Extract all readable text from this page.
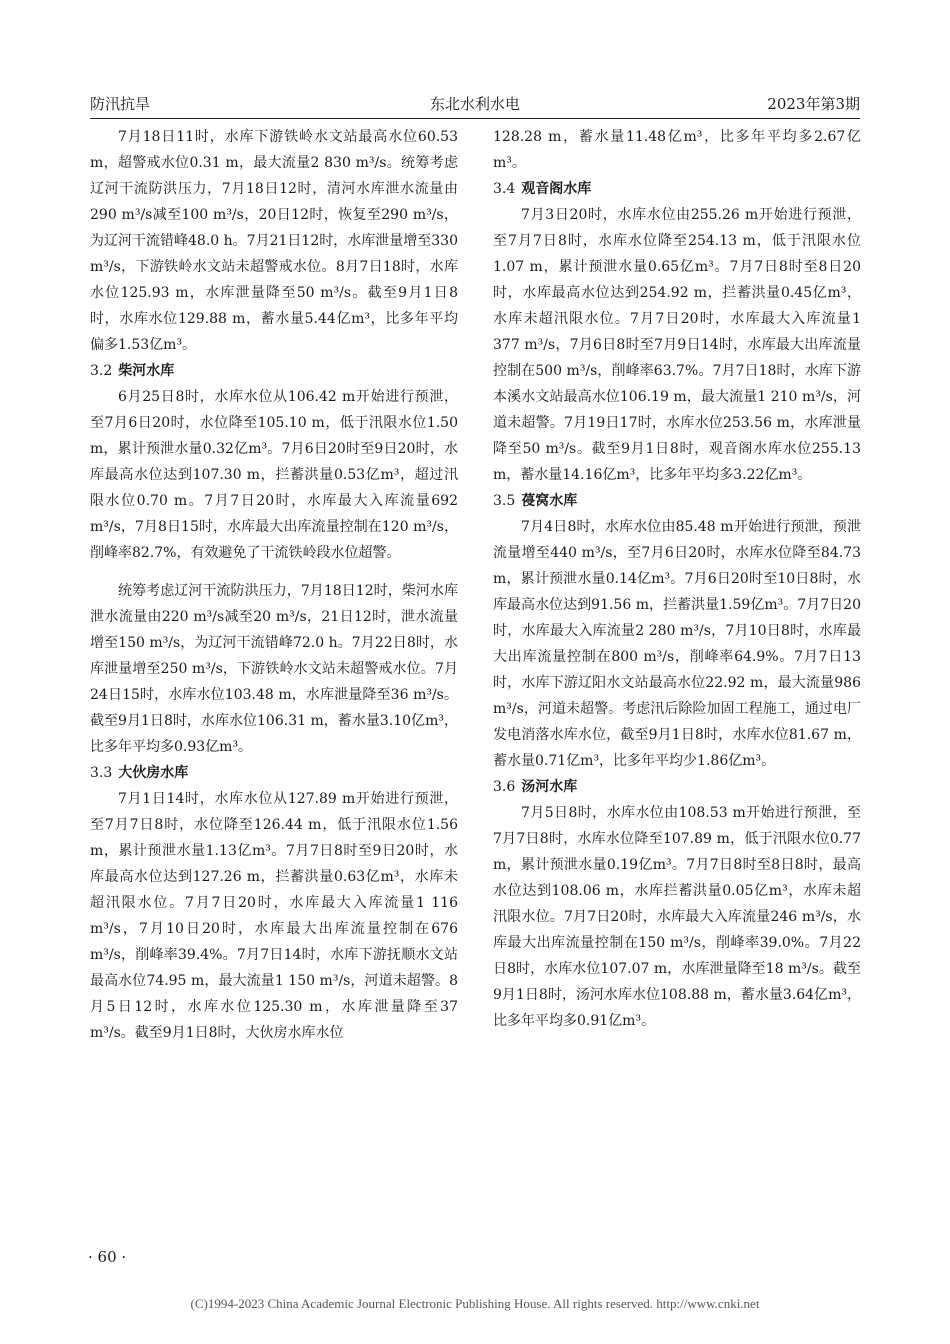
防汛抗旱	东北水利水电	2023年第3期

7月18日11时，水库下游铁岭水文站最高水位60.53 m，超警戒水位0.31 m，最大流量2 830 m³/s。统筹考虑辽河干流防洪压力，7月18日12时，清河水库泄水流量由290 m³/s减至100 m³/s，20日12时，恢复至290 m³/s，为辽河干流错峰48.0 h。7月21日12时，水库泄量增至330 m³/s，下游铁岭水文站未超警戒水位。8月7日18时，水库水位125.93 m，水库泄量降至50 m³/s。截至9月1日8时，水库水位129.88 m，蓄水量5.44亿m³，比多年平均偏多1.53亿m³。

3.2 柴河水库

6月25日8时，水库水位从106.42 m开始进行预泄，至7月6日20时，水位降至105.10 m，低于汛限水位1.50 m，累计预泄水量0.32亿m³。7月6日20时至9日20时，水库最高水位达到107.30 m，拦蓄洪量0.53亿m³，超过汛限水位0.70 m。7月7日20时，水库最大入库流量692 m³/s，7月8日15时，水库最大出库流量控制在120 m³/s，削峰率82.7%，有效避免了干流铁岭段水位超警。

统筹考虑辽河干流防洪压力，7月18日12时，柴河水库泄水流量由220 m³/s减至20 m³/s，21日12时，泄水流量增至150 m³/s，为辽河干流错峰72.0 h。7月22日8时，水库泄量增至250 m³/s，下游铁岭水文站未超警戒水位。7月24日15时，水库水位103.48 m，水库泄量降至36 m³/s。截至9月1日8时，水库水位106.31 m，蓄水量3.10亿m³，比多年平均多0.93亿m³。

3.3 大伙房水库

7月1日14时，水库水位从127.89 m开始进行预泄，至7月7日8时，水位降至126.44 m，低于汛限水位1.56 m，累计预泄水量1.13亿m³。7月7日8时至9日20时，水库最高水位达到127.26 m，拦蓄洪量0.63亿m³，水库未超汛限水位。7月7日20时，水库最大入库流量1 116 m³/s，7月10日20时，水库最大出库流量控制在676 m³/s，削峰率39.4%。7月7日14时，水库下游抚顺水文站最高水位74.95 m，最大流量1 150 m³/s，河道未超警。8月5日12时，水库水位125.30 m，水库泄量降至37 m³/s。截至9月1日8时，大伙房水库水位

128.28 m，蓄水量11.48亿m³，比多年平均多2.67亿m³。

3.4 观音阁水库

7月3日20时，水库水位由255.26 m开始进行预泄，至7月7日8时，水库水位降至254.13 m，低于汛限水位1.07 m，累计预泄水量0.65亿m³。7月7日8时至8日20时，水库最高水位达到254.92 m，拦蓄洪量0.45亿m³，水库未超汛限水位。7月7日20时，水库最大入库流量1 377 m³/s，7月6日8时至7月9日14时，水库最大出库流量控制在500 m³/s，削峰率63.7%。7月7日18时，水库下游本溪水文站最高水位106.19 m，最大流量1 210 m³/s，河道未超警。7月19日17时，水库水位253.56 m，水库泄量降至50 m³/s。截至9月1日8时，观音阁水库水位255.13 m，蓄水量14.16亿m³，比多年平均多3.22亿m³。

3.5 葠窝水库

7月4日8时，水库水位由85.48 m开始进行预泄，预泄流量增至440 m³/s，至7月6日20时，水库水位降至84.73 m，累计预泄水量0.14亿m³。7月6日20时至10日8时，水库最高水位达到91.56 m，拦蓄洪量1.59亿m³。7月7日20时，水库最大入库流量2 280 m³/s，7月10日8时，水库最大出库流量控制在800 m³/s，削峰率64.9%。7月7日13时，水库下游辽阳水文站最高水位22.92 m，最大流量986 m³/s，河道未超警。考虑汛后除险加固工程施工，通过电厂发电消落水库水位，截至9月1日8时，水库水位81.67 m，蓄水量0.71亿m³，比多年平均少1.86亿m³。

3.6 汤河水库

7月5日8时，水库水位由108.53 m开始进行预泄，至7月7日8时，水库水位降至107.89 m，低于汛限水位0.77 m，累计预泄水量0.19亿m³。7月7日8时至8日8时，最高水位达到108.06 m，水库拦蓄洪量0.05亿m³，水库未超汛限水位。7月7日20时，水库最大入库流量246 m³/s，水库最大出库流量控制在150 m³/s，削峰率39.0%。7月22日8时，水库水位107.07 m，水库泄量降至18 m³/s。截至9月1日8时，汤河水库水位108.88 m，蓄水量3.64亿m³，比多年平均多0.91亿m³。

· 60 ·
(C)1994-2023 China Academic Journal Electronic Publishing House. All rights reserved. http://www.cnki.net
